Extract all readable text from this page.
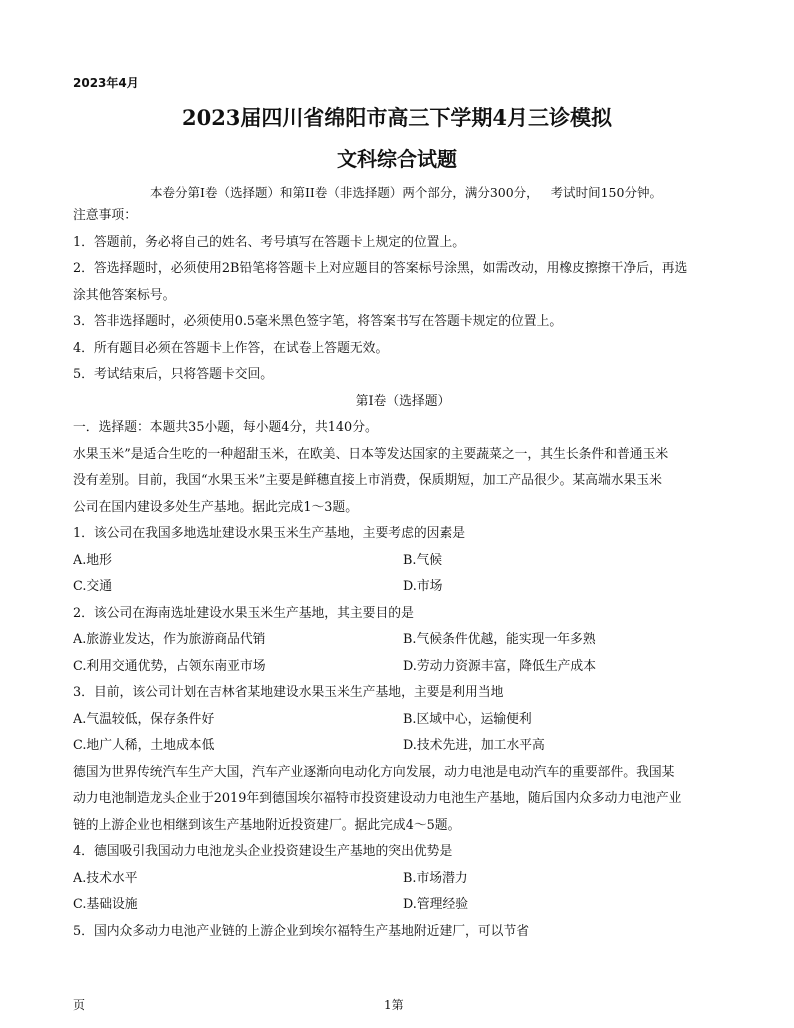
2023年4月
2023届四川省绵阳市高三下学期4月三诊模拟
文科综合试题
本卷分第I卷（选择题）和第II卷（非选择题）两个部分，满分300分，   考试时间150分钟。
注意事项：
1．答题前，务必将自己的姓名、考号填写在答题卡上规定的位置上。
2．答选择题时，必须使用2B铅笔将答题卡上对应题目的答案标号涂黑，如需改动，用橡皮擦擦干净后，再选
涂其他答案标号。
3．答非选择题时，必须使用0.5毫米黑色签字笔，将答案书写在答题卡规定的位置上。
4．所有题目必须在答题卡上作答，在试卷上答题无效。
5．考试结束后，只将答题卡交回。
第I卷（选择题）
一．选择题：本题共35小题，每小题4分，共140分。
水果玉米”是适合生吃的一种超甜玉米，在欧美、日本等发达国家的主要蔬菜之一，其生长条件和普通玉米
没有差别。目前，我国“水果玉米”主要是鲜穗直接上市消费，保质期短，加工产品很少。某高端水果玉米
公司在国内建设多处生产基地。据此完成1～3题。
1．该公司在我国多地选址建设水果玉米生产基地，主要考虑的因素是
A.地形	B.气候
C.交通	D.市场
2．该公司在海南选址建设水果玉米生产基地，其主要目的是
A.旅游业发达，作为旅游商品代销	B.气候条件优越，能实现一年多熟
C.利用交通优势，占领东南亚市场	D.劳动力资源丰富，降低生产成本
3．目前，该公司计划在吉林省某地建设水果玉米生产基地，主要是利用当地
A.气温较低，保存条件好	B.区域中心，运输便利
C.地广人稀，土地成本低	D.技术先进，加工水平高
德国为世界传统汽车生产大国，汽车产业逐渐向电动化方向发展，动力电池是电动汽车的重要部件。我国某
动力电池制造龙头企业于2019年到德国埃尔福特市投资建设动力电池生产基地，随后国内众多动力电池产业
链的上游企业也相继到该生产基地附近投资建厂。据此完成4～5题。
4．德国吸引我国动力电池龙头企业投资建设生产基地的突出优势是
A.技术水平	B.市场潜力
C.基础设施	D.管理经验
5．国内众多动力电池产业链的上游企业到埃尔福特生产基地附近建厂，可以节省
页	1第
